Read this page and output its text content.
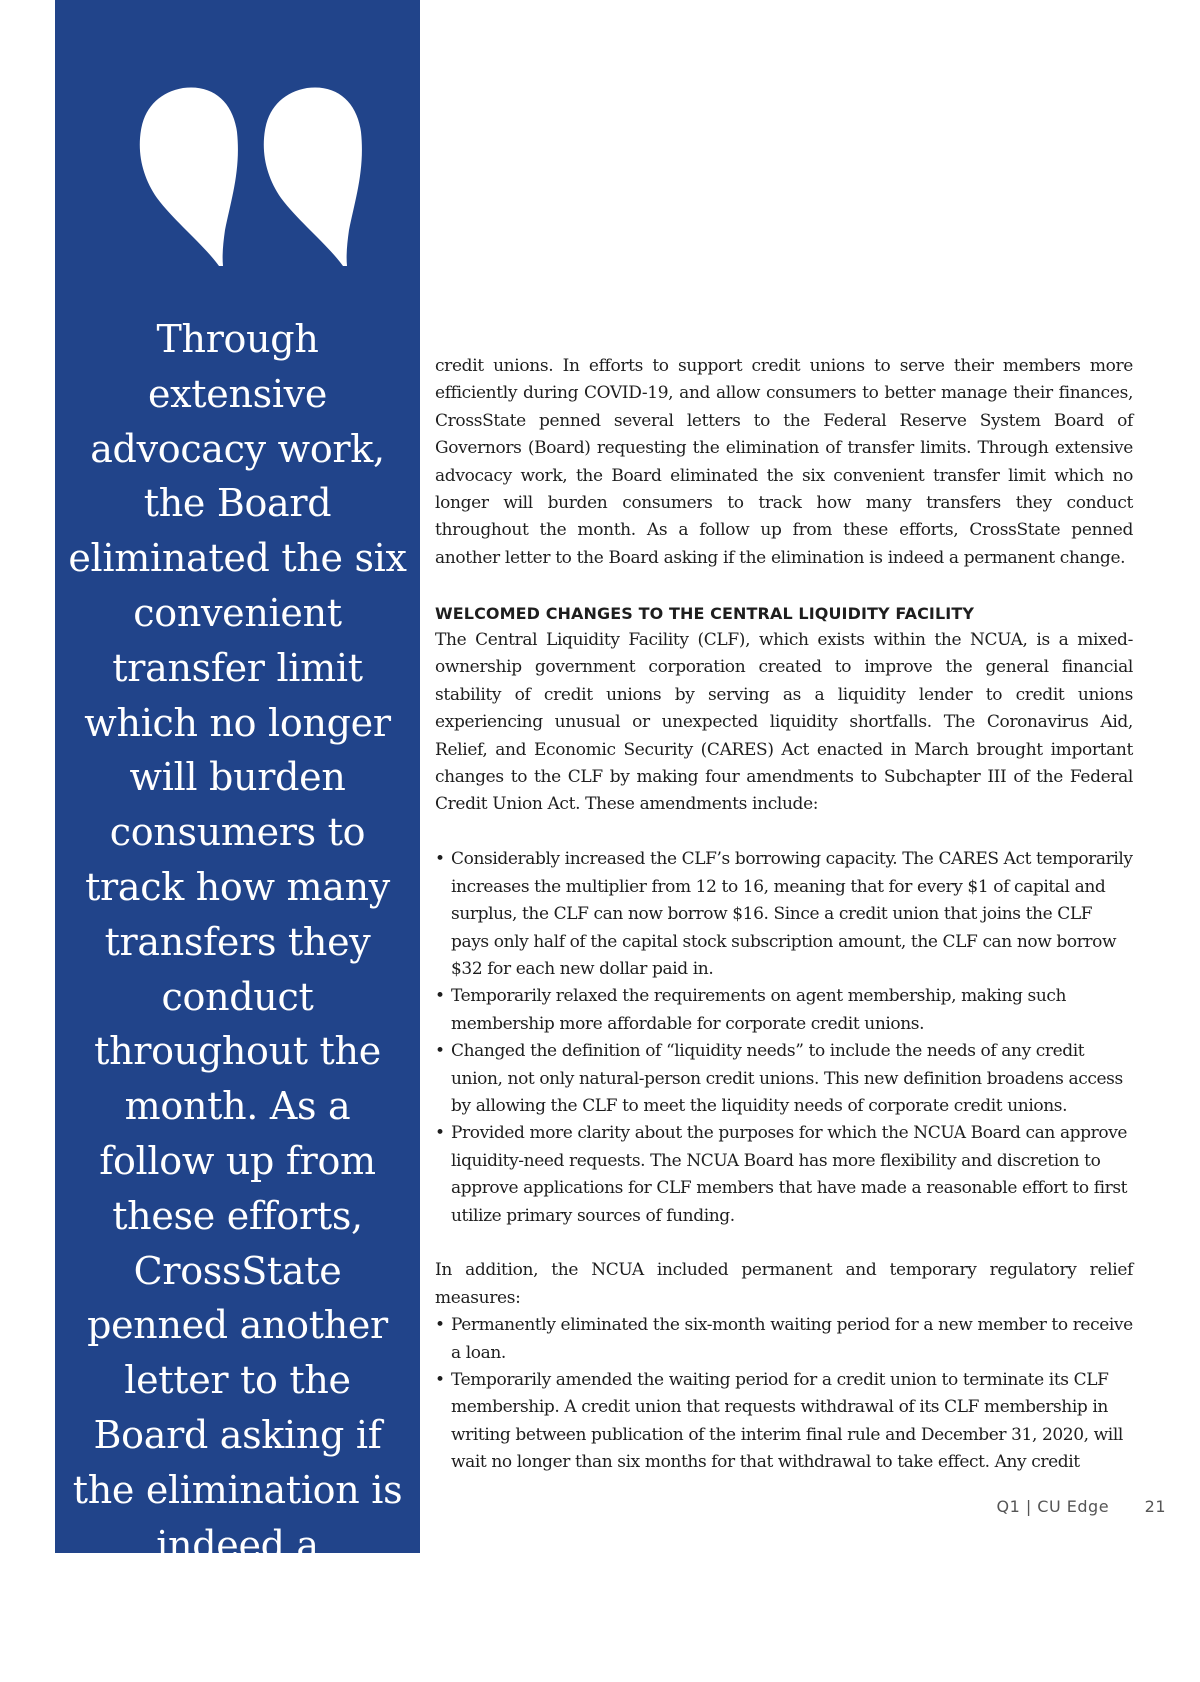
Through extensive advocacy work, the Board eliminated the six convenient transfer limit which no longer will burden consumers to track how many transfers they conduct throughout the month. As a follow up from these efforts, CrossState penned another letter to the Board asking if the elimination is indeed a permanent change.

credit unions. In efforts to support credit unions to serve their members more efficiently during COVID-19, and allow consumers to better manage their finances, CrossState penned several letters to the Federal Reserve System Board of Governors (Board) requesting the elimination of transfer limits. Through extensive advocacy work, the Board eliminated the six convenient transfer limit which no longer will burden consumers to track how many transfers they conduct throughout the month. As a follow up from these efforts, CrossState penned another letter to the Board asking if the elimination is indeed a permanent change.

WELCOMED CHANGES TO THE CENTRAL LIQUIDITY FACILITY

The Central Liquidity Facility (CLF), which exists within the NCUA, is a mixed-ownership government corporation created to improve the general financial stability of credit unions by serving as a liquidity lender to credit unions experiencing unusual or unexpected liquidity shortfalls. The Coronavirus Aid, Relief, and Economic Security (CARES) Act enacted in March brought important changes to the CLF by making four amendments to Subchapter III of the Federal Credit Union Act. These amendments include:

• Considerably increased the CLF’s borrowing capacity. The CARES Act temporarily increases the multiplier from 12 to 16, meaning that for every $1 of capital and surplus, the CLF can now borrow $16. Since a credit union that joins the CLF pays only half of the capital stock subscription amount, the CLF can now borrow $32 for each new dollar paid in.
• Temporarily relaxed the requirements on agent membership, making such membership more affordable for corporate credit unions.
• Changed the definition of “liquidity needs” to include the needs of any credit union, not only natural-person credit unions. This new definition broadens access by allowing the CLF to meet the liquidity needs of corporate credit unions.
• Provided more clarity about the purposes for which the NCUA Board can approve liquidity-need requests. The NCUA Board has more flexibility and discretion to approve applications for CLF members that have made a reasonable effort to first utilize primary sources of funding.

In addition, the NCUA included permanent and temporary regulatory relief measures:

• Permanently eliminated the six-month waiting period for a new member to receive a loan.
• Temporarily amended the waiting period for a credit union to terminate its CLF membership. A credit union that requests withdrawal of its CLF membership in writing between publication of the interim final rule and December 31, 2020, will wait no longer than six months for that withdrawal to take effect. Any credit
Q1 | CU Edge 21
